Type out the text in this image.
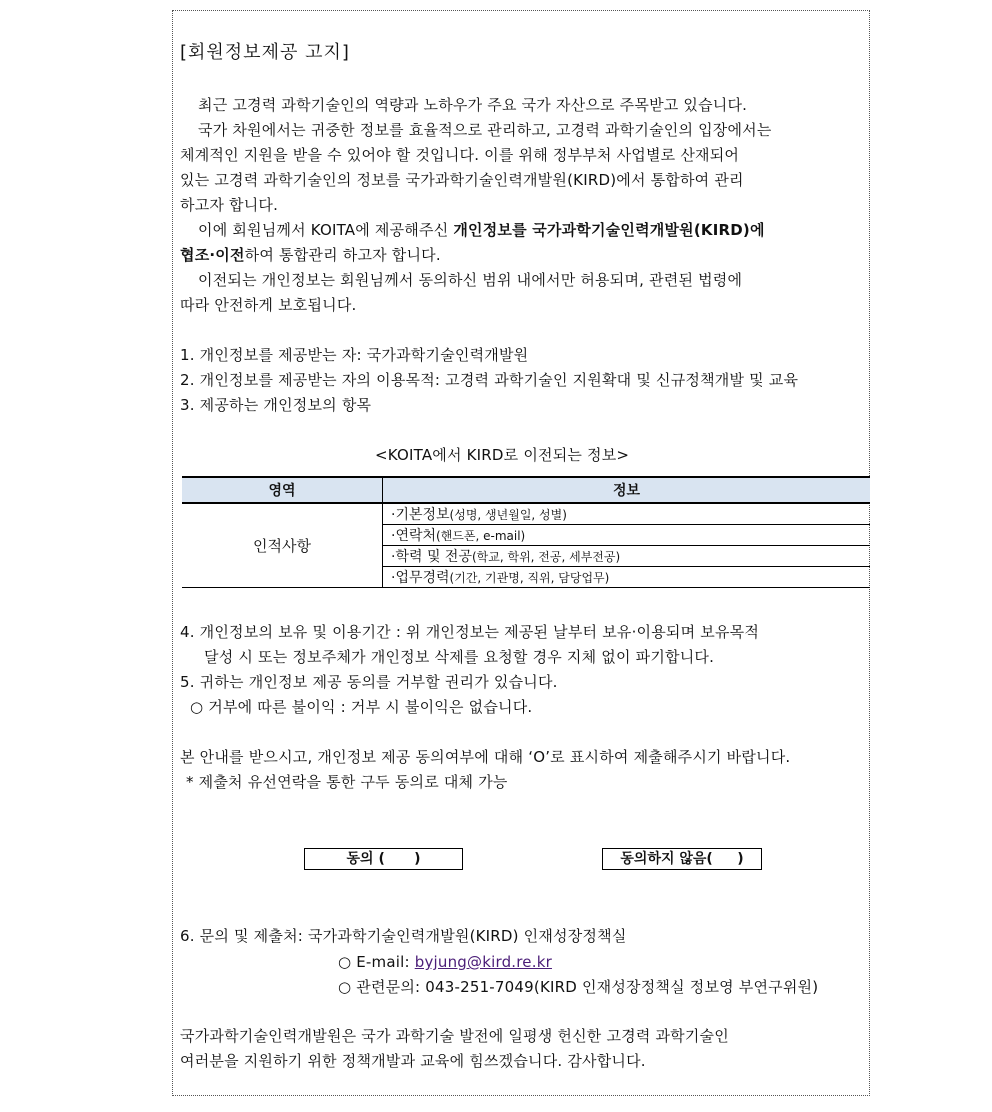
[회원정보제공 고지]
최근 고경력 과학기술인의 역량과 노하우가 주요 국가 자산으로 주목받고 있습니다.
국가 차원에서는 귀중한 정보를 효율적으로 관리하고, 고경력 과학기술인의 입장에서는
체계적인 지원을 받을 수 있어야 할 것입니다. 이를 위해 정부부처 사업별로 산재되어
있는 고경력 과학기술인의 정보를 국가과학기술인력개발원(KIRD)에서 통합하여 관리
하고자 합니다.
이에 회원님께서 KOITA에 제공해주신 개인정보를 국가과학기술인력개발원(KIRD)에
협조·이전하여 통합관리 하고자 합니다.
이전되는 개인정보는 회원님께서 동의하신 범위 내에서만 허용되며, 관련된 법령에
따라 안전하게 보호됩니다.
1. 개인정보를 제공받는 자: 국가과학기술인력개발원
2. 개인정보를 제공받는 자의 이용목적: 고경력 과학기술인 지원확대 및 신규정책개발 및 교육
3. 제공하는 개인정보의 항목
<KOITA에서 KIRD로 이전되는 정보>
영역	정보
인적사항	·기본정보(성명, 생년월일, 성별)
	·연락처(핸드폰, e-mail)
	·학력 및 전공(학교, 학위, 전공, 세부전공)
	·업무경력(기간, 기관명, 직위, 담당업무)
4. 개인정보의 보유 및 이용기간 : 위 개인정보는 제공된 날부터 보유·이용되며 보유목적
달성 시 또는 정보주체가 개인정보 삭제를 요청할 경우 지체 없이 파기합니다.
5. 귀하는 개인정보 제공 동의를 거부할 권리가 있습니다.
○ 거부에 따른 불이익 : 거부 시 불이익은 없습니다.
본 안내를 받으시고, 개인정보 제공 동의여부에 대해 ‘O’로 표시하여 제출해주시기 바랍니다.
* 제출처 유선연락을 통한 구두 동의로 대체 가능
동의 (      )	동의하지 않음(     )
6. 문의 및 제출처: 국가과학기술인력개발원(KIRD) 인재성장정책실
○ E-mail: byjung@kird.re.kr
○ 관련문의: 043-251-7049(KIRD 인재성장정책실 정보영 부연구위원)
국가과학기술인력개발원은 국가 과학기술 발전에 일평생 헌신한 고경력 과학기술인
여러분을 지원하기 위한 정책개발과 교육에 힘쓰겠습니다. 감사합니다.
